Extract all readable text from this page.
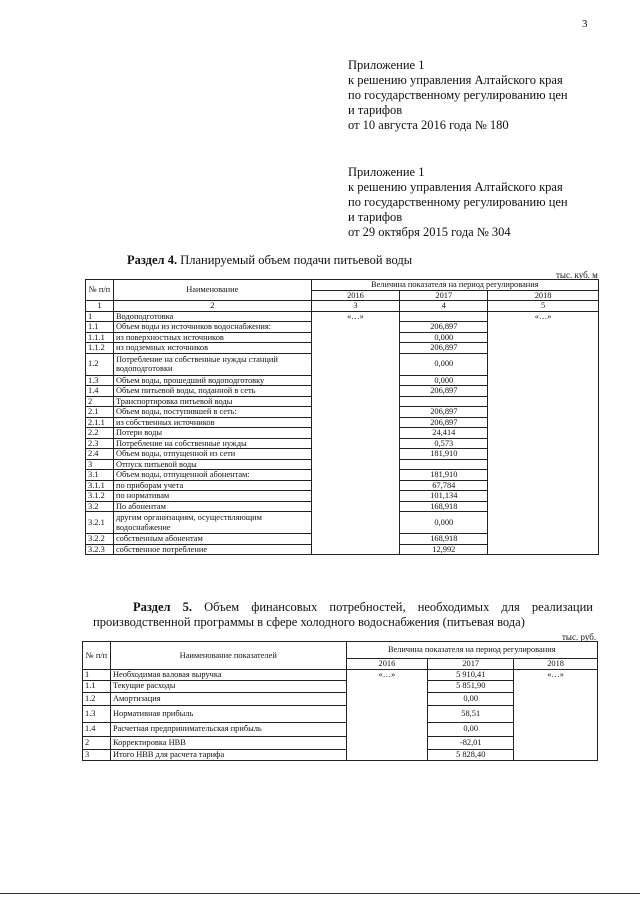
3
Приложение 1
к решению управления Алтайского края
по государственному регулированию цен
и тарифов
от 10 августа 2016 года № 180
Приложение 1
к решению управления Алтайского края
по государственному регулированию цен
и тарифов
от 29 октября 2015 года № 304
Раздел 4. Планируемый объем подачи питьевой воды
тыс. куб. м
№ п/п	Наименование	Величина показателя на период регулирования		
		2016	2017	2018
1	2	3	4	5
1	Водоподготовка	«…»		«…»
1.1	Объем воды из источников водоснабжения:		206,897	
1.1.1	из поверхностных источников		0,000	
1.1.2	из подземных источников		206,897	
1.2	Потребление на собственные нужды станций водоподготовки		0,000	
1.3	Объем воды, прошедший водоподготовку		0,000	
1.4	Объем питьевой воды, поданной в сеть		206,897	
2	Транспортировка питьевой воды			
2.1	Объем воды, поступившей в сеть:		206,897	
2.1.1	из собственных источников		206,897	
2.2	Потери воды		24,414	
2.3	Потребление на собственные нужды		0,573	
2.4	Объем воды, отпущенной из сети		181,910	
3	Отпуск питьевой воды			
3.1	Объем воды, отпущенной абонентам:		181,910	
3.1.1	по приборам учета		67,784	
3.1.2	по нормативам		101,134	
3.2	По абонентам		168,918	
3.2.1	другим организациям, осуществляющим водоснабжение		0,000	
3.2.2	собственным абонентам		168,918	
3.2.3	собственное потребление		12,992	
Раздел 5. Объем финансовых потребностей, необходимых для реализации производственной программы в сфере холодного водоснабжения (питьевая вода)
тыс. руб.
№ п/п	Наименование показателей	Величина показателя на период регулирования		
		2016	2017	2018
1	Необходимая валовая выручка	«…»	5 910,41	«…»
1.1	Текущие расходы		5 851,90	
1.2	Амортизация		0,00	
1.3	Нормативная прибыль		58,51	
1.4	Расчетная предпринимательская прибыль		0,00	
2	Корректировка НВВ		-82,01	
3	Итого НВВ для расчета тарифа		5 828,40	
